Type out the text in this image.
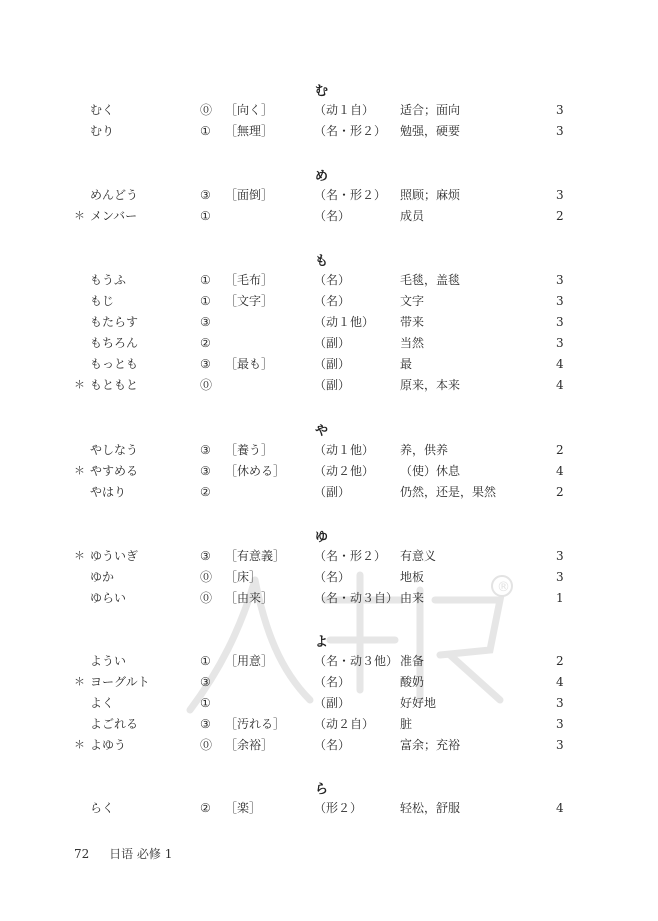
®
む
むく	⓪ ［向く］	（动１自） 适合；面向	3
むり	① ［無理］	（名・形２） 勉强，硬要	3
め
めんどう	③ ［面倒］	（名・形２） 照顾；麻烦	3
＊ メンバー	①	（名）	成员	2
も
もうふ	① ［毛布］	（名）	毛毯，盖毯	3
もじ	① ［文字］	（名）	文字	3
もたらす	③	（动１他） 带来	3
もちろん	②	（副）	当然	3
もっとも	③ ［最も］	（副）	最	4
＊ もともと	⓪	（副）	原来，本来	4
や
やしなう	③ ［養う］	（动１他） 养，供养	2
＊ やすめる	③ ［休める］ （动２他） （使）休息	4
やはり	②	（副）	仍然，还是，果然	2
ゆ
＊ ゆういぎ	③ ［有意義］ （名・形２） 有意义	3
ゆか	⓪ ［床］	（名）	地板	3
ゆらい	⓪ ［由来］	（名・动３自） 由来	1
よ
ようい	① ［用意］	（名・动３他） 准备	2
＊ ヨーグルト	③	（名）	酸奶	4
よく	①	（副）	好好地	3
よごれる	③ ［汚れる］ （动２自） 脏	3
＊ よゆう	⓪ ［余裕］	（名）	富余；充裕	3
ら
らく	② ［楽］	（形２）	轻松，舒服	4
72 日语 必修 1
